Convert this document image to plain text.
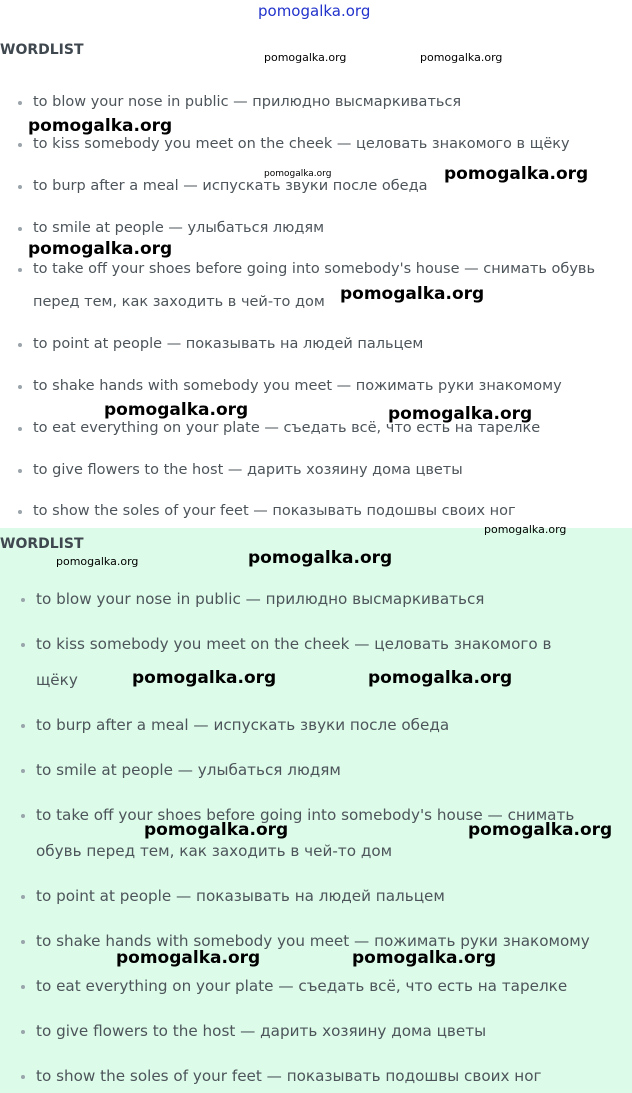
WORDLIST
to blow your nose in public — прилюдно высмаркиваться
to kiss somebody you meet on the cheek — целовать знакомого в щёку
to burp after a meal — испускать звуки после обеда
to smile at people — улыбаться людям
to take off your shoes before going into somebody's house — снимать обувь
перед тем, как заходить в чей-то дом
to point at people — показывать на людей пальцем
to shake hands with somebody you meet — пожимать руки знакомому
to eat everything on your plate — съедать всё, что есть на тарелке
to give flowers to the host — дарить хозяину дома цветы
to show the soles of your feet — показывать подошвы своих ног
WORDLIST
to blow your nose in public — прилюдно высмаркиваться
to kiss somebody you meet on the cheek — целовать знакомого в
щёку
to burp after a meal — испускать звуки после обеда
to smile at people — улыбаться людям
to take off your shoes before going into somebody's house — снимать
обувь перед тем, как заходить в чей-то дом
to point at people — показывать на людей пальцем
to shake hands with somebody you meet — пожимать руки знакомому
to eat everything on your plate — съедать всё, что есть на тарелке
to give flowers to the host — дарить хозяину дома цветы
to show the soles of your feet — показывать подошвы своих ног
pomogalka.org
pomogalka.org	pomogalka.org
pomogalka.org
pomogalka.org	pomogalka.org
pomogalka.org
pomogalka.org
pomogalka.org	pomogalka.org
pomogalka.org
pomogalka.org
pomogalka.org
pomogalka.org	pomogalka.org
pomogalka.org	pomogalka.org
pomogalka.org	pomogalka.org
